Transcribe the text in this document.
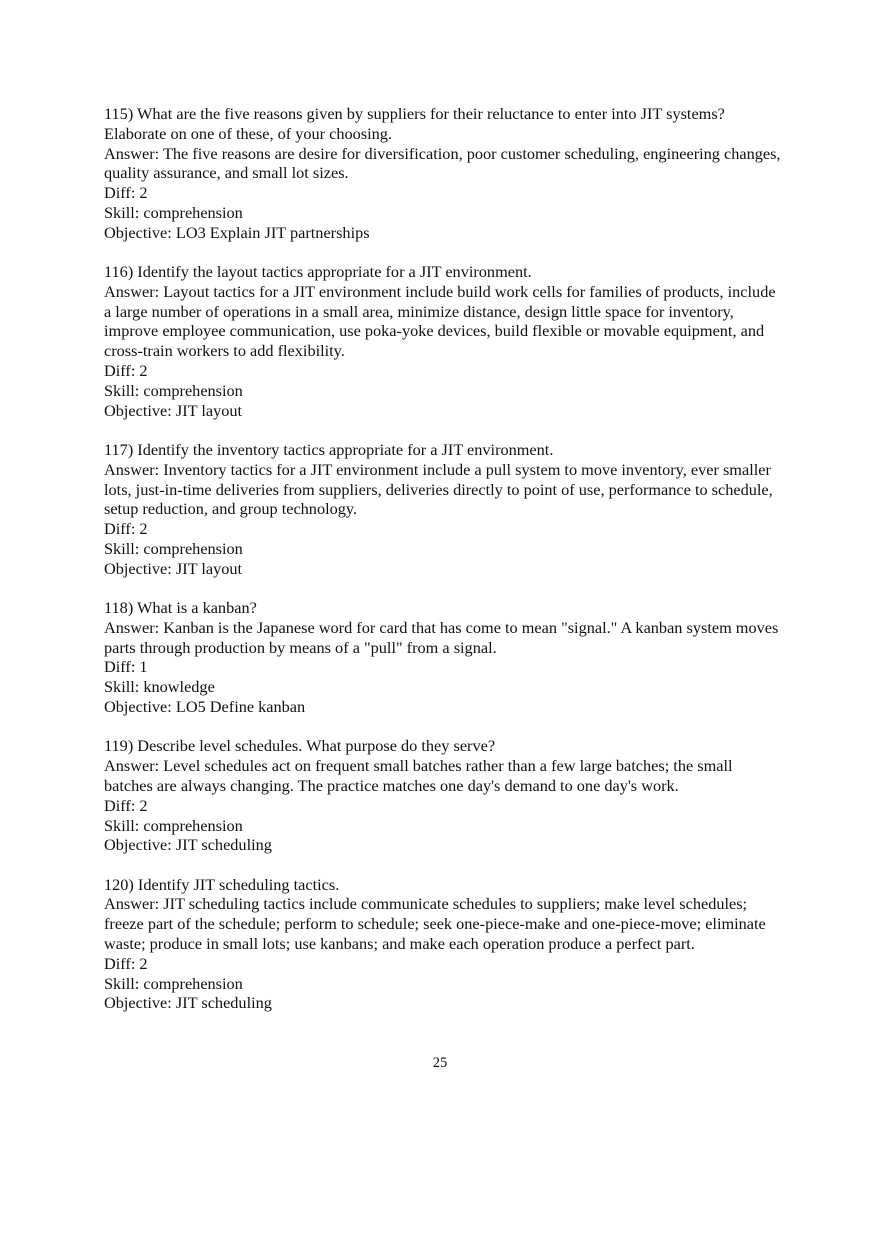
115) What are the five reasons given by suppliers for their reluctance to enter into JIT systems? Elaborate on one of these, of your choosing.
Answer: The five reasons are desire for diversification, poor customer scheduling, engineering changes, quality assurance, and small lot sizes.
Diff: 2
Skill: comprehension
Objective: LO3 Explain JIT partnerships
116) Identify the layout tactics appropriate for a JIT environment.
Answer: Layout tactics for a JIT environment include build work cells for families of products, include a large number of operations in a small area, minimize distance, design little space for inventory, improve employee communication, use poka-yoke devices, build flexible or movable equipment, and cross-train workers to add flexibility.
Diff: 2
Skill: comprehension
Objective: JIT layout
117) Identify the inventory tactics appropriate for a JIT environment.
Answer: Inventory tactics for a JIT environment include a pull system to move inventory, ever smaller lots, just-in-time deliveries from suppliers, deliveries directly to point of use, performance to schedule, setup reduction, and group technology.
Diff: 2
Skill: comprehension
Objective: JIT layout
118) What is a kanban?
Answer: Kanban is the Japanese word for card that has come to mean "signal." A kanban system moves parts through production by means of a "pull" from a signal.
Diff: 1
Skill: knowledge
Objective: LO5 Define kanban
119) Describe level schedules. What purpose do they serve?
Answer: Level schedules act on frequent small batches rather than a few large batches; the small batches are always changing. The practice matches one day's demand to one day's work.
Diff: 2
Skill: comprehension
Objective: JIT scheduling
120) Identify JIT scheduling tactics.
Answer: JIT scheduling tactics include communicate schedules to suppliers; make level schedules; freeze part of the schedule; perform to schedule; seek one-piece-make and one-piece-move; eliminate waste; produce in small lots; use kanbans; and make each operation produce a perfect part.
Diff: 2
Skill: comprehension
Objective: JIT scheduling
25
